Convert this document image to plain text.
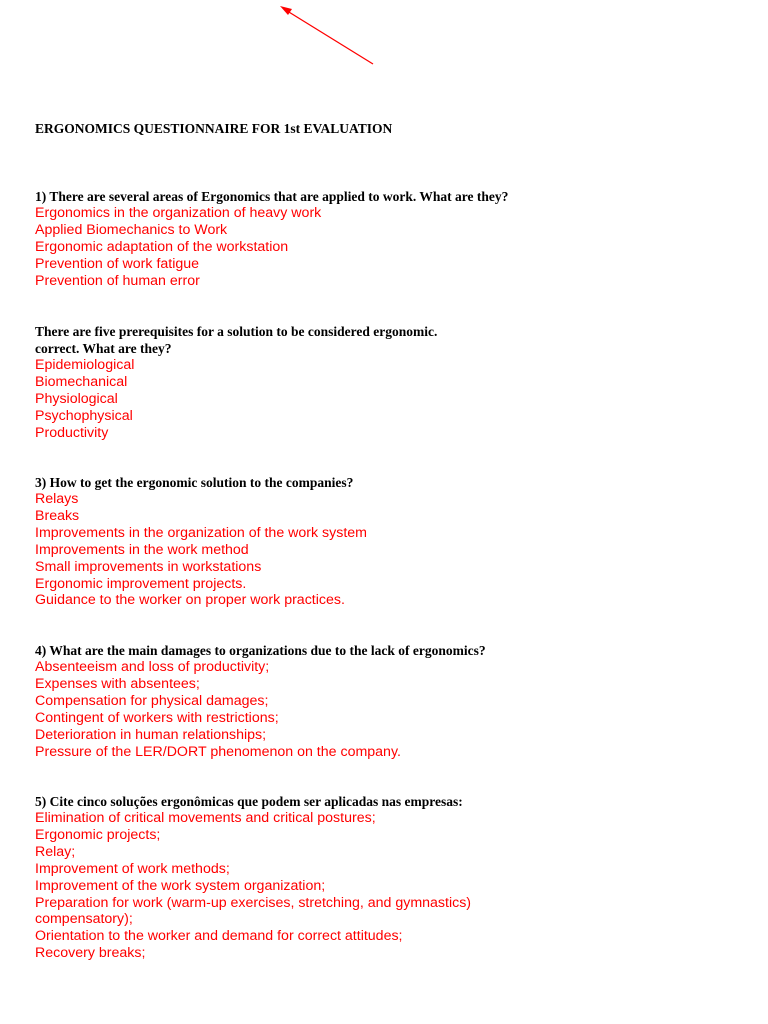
ERGONOMICS QUESTIONNAIRE FOR 1st EVALUATION
1) There are several areas of Ergonomics that are applied to work. What are they?
Ergonomics in the organization of heavy work
Applied Biomechanics to Work
Ergonomic adaptation of the workstation
Prevention of work fatigue
Prevention of human error
There are five prerequisites for a solution to be considered ergonomic.
correct. What are they?
Epidemiological
Biomechanical
Physiological
Psychophysical
Productivity
3) How to get the ergonomic solution to the companies?
Relays
Breaks
Improvements in the organization of the work system
Improvements in the work method
Small improvements in workstations
Ergonomic improvement projects.
Guidance to the worker on proper work practices.
4) What are the main damages to organizations due to the lack of ergonomics?
Absenteeism and loss of productivity;
Expenses with absentees;
Compensation for physical damages;
Contingent of workers with restrictions;
Deterioration in human relationships;
Pressure of the LER/DORT phenomenon on the company.
5) Cite cinco soluções ergonômicas que podem ser aplicadas nas empresas:
Elimination of critical movements and critical postures;
Ergonomic projects;
Relay;
Improvement of work methods;
Improvement of the work system organization;
Preparation for work (warm-up exercises, stretching, and gymnastics) compensatory);
Orientation to the worker and demand for correct attitudes;
Recovery breaks;
